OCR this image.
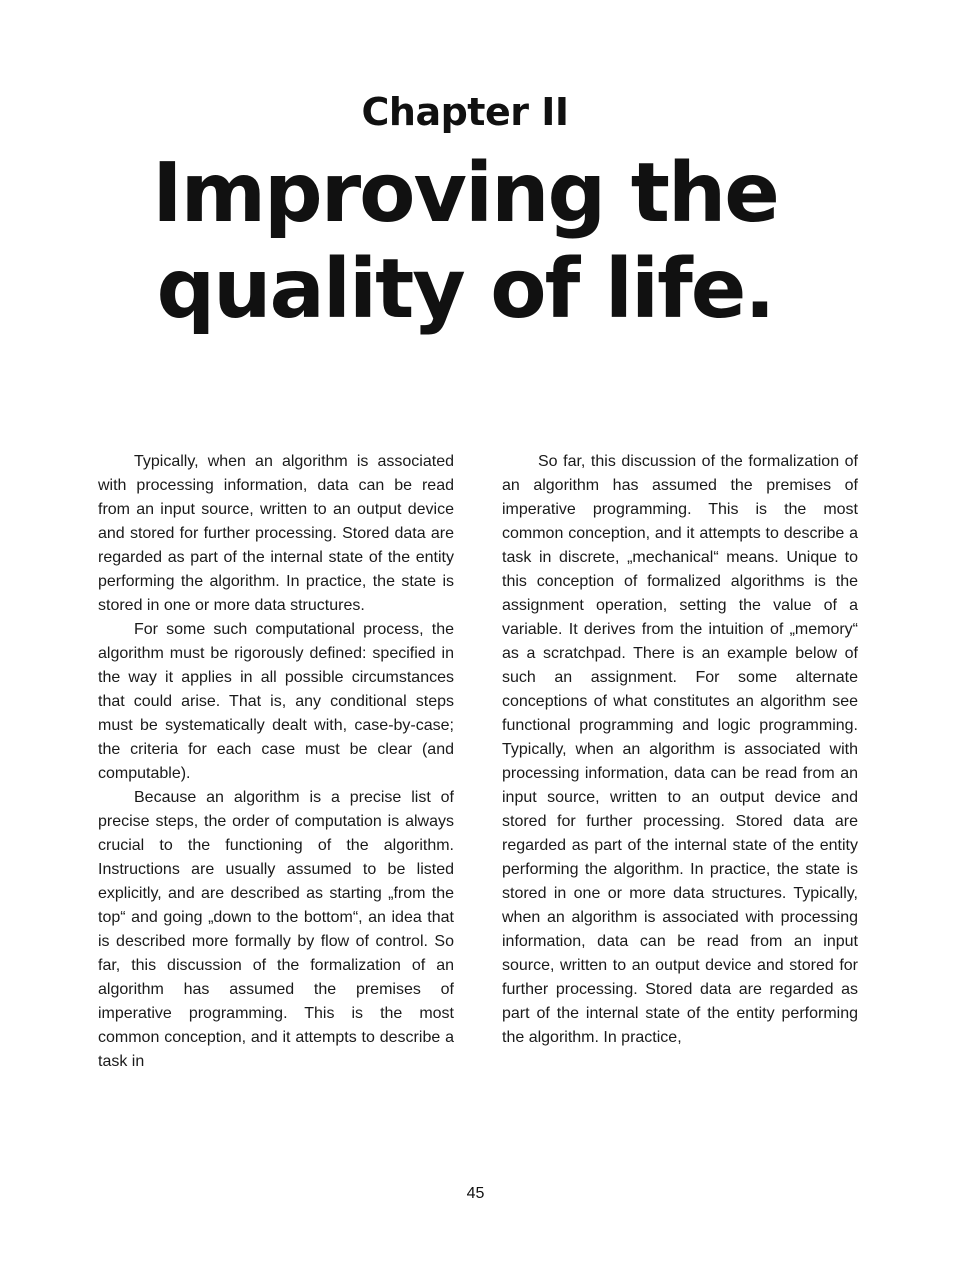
Chapter II
Improving the
quality of life.

Typically, when an algorithm is associated with processing information, data can be read from an input source, written to an output device and stored for further processing. Stored data are regarded as part of the internal state of the entity performing the algorithm. In practice, the state is stored in one or more data structures.

For some such computational process, the algorithm must be rigorously defined: specified in the way it applies in all possible circumstances that could arise. That is, any conditional steps must be systematically dealt with, case-by-case; the criteria for each case must be clear (and computable).

Because an algorithm is a precise list of precise steps, the order of computation is always crucial to the functioning of the algorithm. Instructions are usually assumed to be listed explicitly, and are described as starting „from the top“ and going „down to the bottom“, an idea that is described more formally by flow of control. So far, this discussion of the formalization of an algorithm has assumed the premises of imperative programming. This is the most common conception, and it attempts to describe a task in

So far, this discussion of the formalization of an algorithm has assumed the premises of imperative programming. This is the most common conception, and it attempts to describe a task in discrete, „mechanical“ means. Unique to this conception of formalized algorithms is the assignment operation, setting the value of a variable. It derives from the intuition of „memory“ as a scratchpad. There is an example below of such an assignment. For some alternate conceptions of what constitutes an algorithm see functional programming and logic programming. Typically, when an algorithm is associated with processing information, data can be read from an input source, written to an output device and stored for further processing. Stored data are regarded as part of the internal state of the entity performing the algorithm. In practice, the state is stored in one or more data structures. Typically, when an algorithm is associated with processing information, data can be read from an input source, written to an output device and stored for further processing. Stored data are regarded as part of the internal state of the entity performing the algorithm. In practice,

45
